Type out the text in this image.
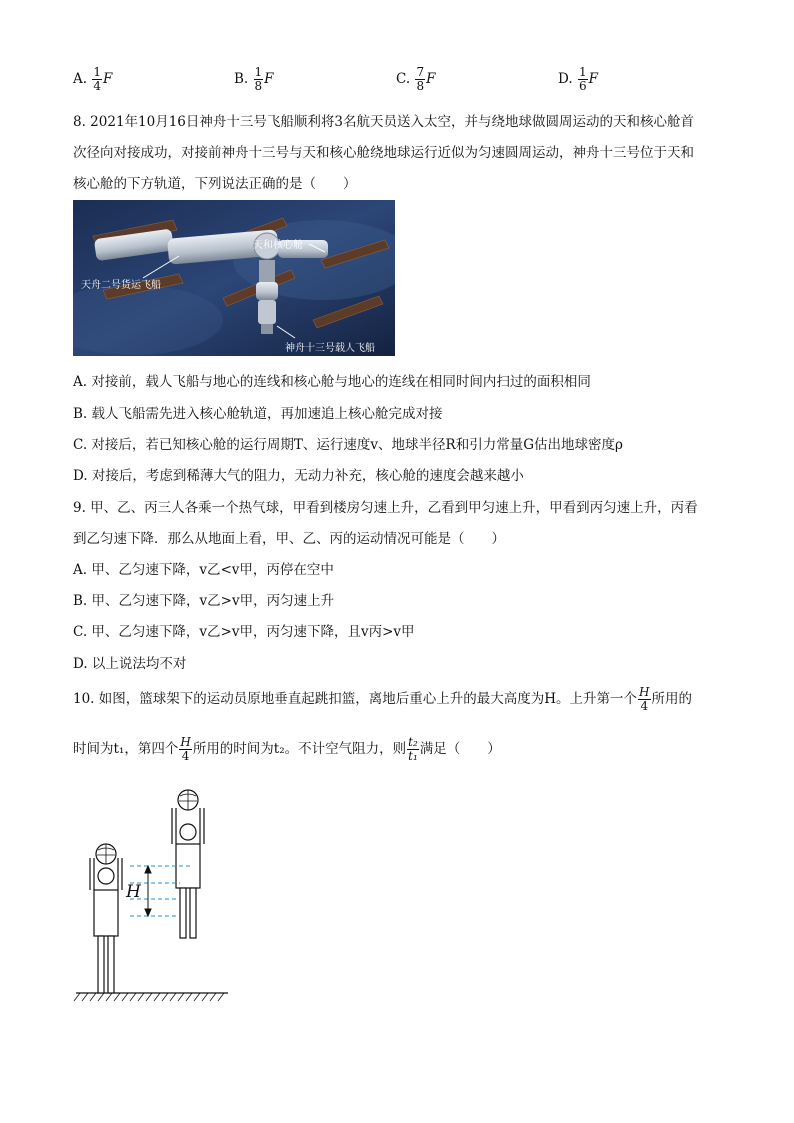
A. $\frac{1}{4}$ F	B. $\frac{1}{8}$ F	C. $\frac{7}{8}$ F	D. $\frac{1}{6}$ F
8. 2021年10月16日神舟十三号飞船顺利将3名航天员送入太空，并与绕地球做圆周运动的天和核心舱首
次径向对接成功，对接前神舟十三号与天和核心舱绕地球运行近似为匀速圆周运动，神舟十三号位于天和
核心舱的下方轨道，下列说法正确的是（　　）
天和核心舱
天舟二号货运飞船
神舟十三号载人飞船
A. 对接前，载人飞船与地心的连线和核心舱与地心的连线在相同时间内扫过的面积相同
B. 载人飞船需先进入核心舱轨道，再加速追上核心舱完成对接
C. 对接后，若已知核心舱的运行周期T、运行速度v、地球半径R和引力常量G估出地球密度ρ
D. 对接后，考虑到稀薄大气的阻力，无动力补充，核心舱的速度会越来越小
9. 甲、乙、丙三人各乘一个热气球，甲看到楼房匀速上升，乙看到甲匀速上升，甲看到丙匀速上升，丙看
到乙匀速下降．那么从地面上看，甲、乙、丙的运动情况可能是（　　）
A. 甲、乙匀速下降，v乙<v甲，丙停在空中
B. 甲、乙匀速下降，v乙>v甲，丙匀速上升
C. 甲、乙匀速下降，v乙>v甲，丙匀速下降，且v丙>v甲
D. 以上说法均不对
10. 如图，篮球架下的运动员原地垂直起跳扣篮，离地后重心上升的最大高度为H。上升第一个 $\frac{H}{4}$ 所用的
时间为t₁，第四个 $\frac{H}{4}$ 所用的时间为t₂。不计空气阻力，则 $\frac{\text{t₂}}{\text{t₁}}$ 满足（　　）
H
